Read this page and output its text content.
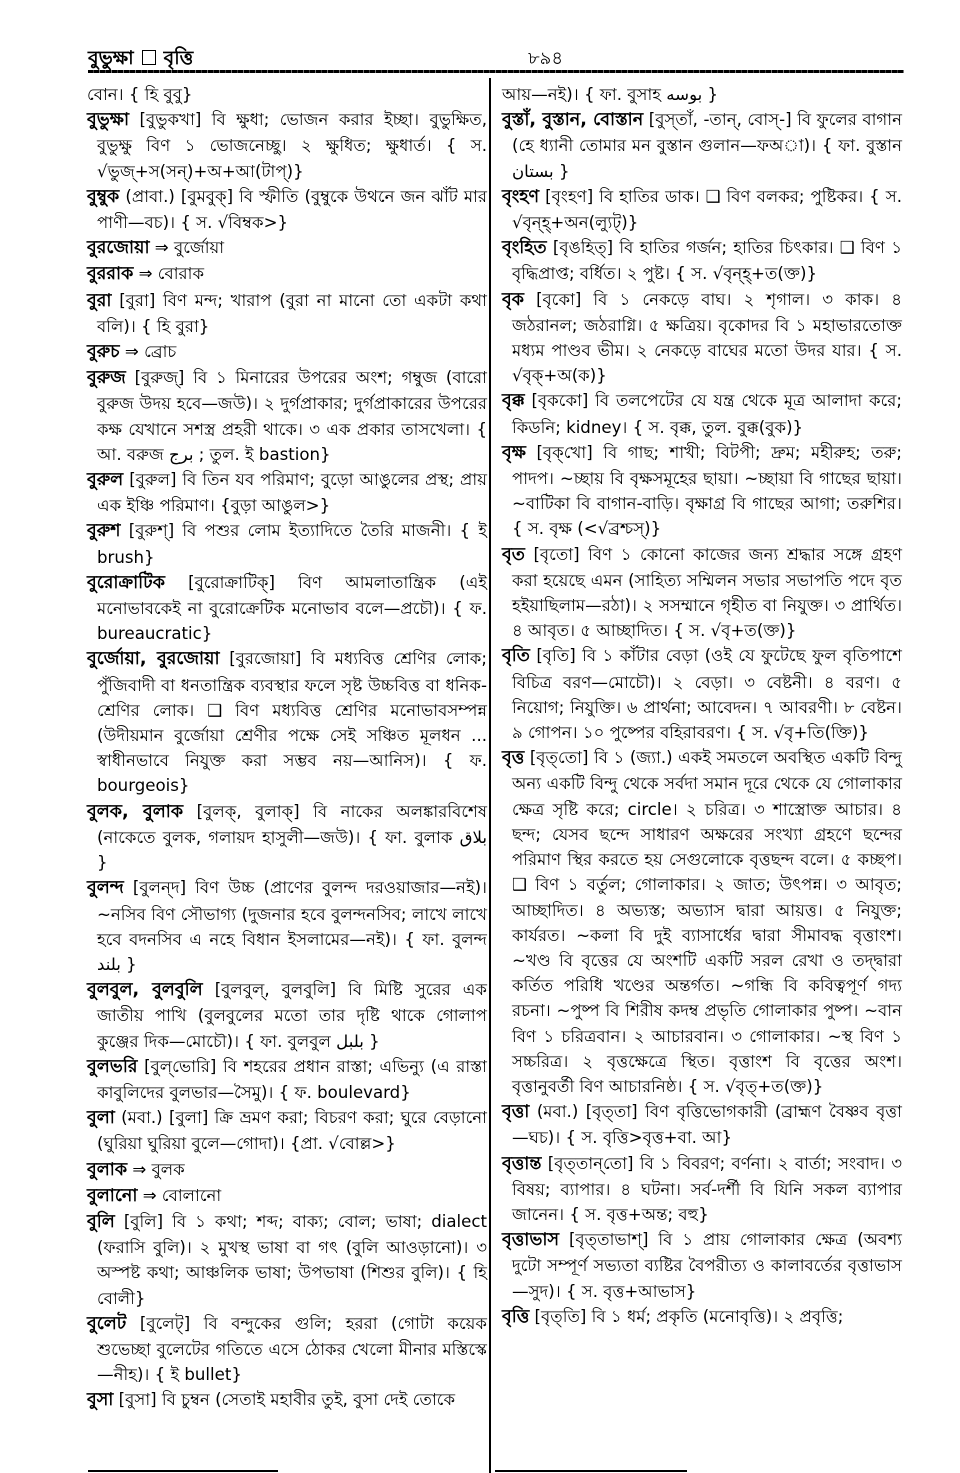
বুভুক্ষা বৃত্তি	৮৯৪

বোন। { হি বুবু}

বুভুক্ষা [বুভুকখা] বি ক্ষুধা; ভোজন করার ইচ্ছা। বুভুক্ষিত, বুভুক্ষু বিণ ১ ভোজনেচ্ছু। ২ ক্ষুধিত; ক্ষুধার্ত। { স. √ভুজ্‌+স(সন্‌)+অ+আ(টাপ্‌)}

বুম্বুক (প্রাবা.) [বুমবুক্‌] বি স্ফীতি (বুম্বুকে উথনে জন ঝাঁট মার পাণী—বচ)। { স. √বিম্বক>}

বুরজোয়া ⇒ বুর্জোয়া

বুররাক ⇒ বোরাক

বুরা [বুরা] বিণ মন্দ; খারাপ (বুরা না মানো তো একটা কথা বলি)। { হি বুরা}

বুরুচ ⇒ ব্রোচ

বুরুজ [বুরুজ্‌] বি ১ মিনারের উপরের অংশ; গম্বুজ (বারো বুরুজ উদয় হবে—জউ)। ২ দুর্গপ্রাকার; দুর্গপ্রাকারের উপরের কক্ষ যেখানে সশস্ত্র প্রহরী থাকে। ৩ এক প্রকার তাসখেলা। { আ. বরুজ برج ; তুল. ই bastion}

বুরুল [বুরুল] বি তিন যব পরিমাণ; বুড়ো আঙুলের প্রস্থ; প্রায় এক ইঞ্চি পরিমাণ। {বুড়া আঙুল>}

বুরুশ [বুরুশ্‌] বি পশুর লোম ইত্যাদিতে তৈরি মাজনী। { ই brush}

বুরোক্রাটিক [বুরোক্রাটিক্‌] বিণ আমলাতান্ত্রিক (এই মনোভাবকেই না বুরোক্রেটিক মনোভাব বলে—প্রচৌ)। { ফ. bureaucratic}

বুর্জোয়া, বুরজোয়া [বুরজোয়া] বি মধ্যবিত্ত শ্রেণির লোক; পুঁজিবাদী বা ধনতান্ত্রিক ব্যবস্থার ফলে সৃষ্ট উচ্চবিত্ত বা ধনিক-শ্রেণির লোক। ❑ বিণ মধ্যবিত্ত শ্রেণির মনোভাবসম্পন্ন (উদীয়মান বুর্জোয়া শ্রেণীর পক্ষে সেই সঞ্চিত মূলধন ... স্বাধীনভাবে নিযুক্ত করা সম্ভব নয়—আনিস)। { ফ. bourgeois}

বুলক, বুলাক [বুলক্‌, বুলাক্‌] বি নাকের অলঙ্কারবিশেষ (নাকেতে বুলক, গলায়দ হাসুলী—জউ)। { ফা. বুলাক بلاق }

বুলন্দ [বুলন্‌দ] বিণ উচ্চ (প্রাণের বুলন্দ দরওয়াজার—নই)। ~নসিব বিণ সৌভাগ্য (দুজনার হবে বুলন্দনসিব; লাখে লাখে হবে বদনসিব এ নহে বিধান ইসলামের—নই)। { ফা. বুলন্দ بلند }

বুলবুল, বুলবুলি [বুলবুল্‌, বুলবুলি] বি মিষ্টি সুরের এক জাতীয় পাখি (বুলবুলের মতো তার দৃষ্টি থাকে গোলাপ কুঞ্জের দিক—মোচৌ)। { ফা. বুলবুল بلبل }

বুলভরি [বুল্‌ভোরি] বি শহরের প্রধান রাস্তা; এভিন্যু (এ রাস্তা কাবুলিদের বুলভার—সৈমু)। { ফ. boulevard}

বুলা (মবা.) [বুলা] ক্রি ভ্রমণ করা; বিচরণ করা; ঘুরে বেড়ানো (ঘুরিয়া ঘুরিয়া বুলে—গোদা)। {প্রা. √বোল্ল>}

বুলাক ⇒ বুলক

বুলানো ⇒ বোলানো

বুলি [বুলি] বি ১ কথা; শব্দ; বাক্য; বোল; ভাষা; dialect (ফরাসি বুলি)। ২ মুখস্থ ভাষা বা গৎ (বুলি আওড়ানো)। ৩ অস্পষ্ট কথা; আঞ্চলিক ভাষা; উপভাষা (শিশুর বুলি)। { হি বোলী}

বুলেট [বুলেট্‌] বি বন্দুকের গুলি; হররা (গোটা কয়েক শুভেচ্ছা বুলেটের গতিতে এসে ঠোকর খেলো মীনার মস্তিস্কে—নীহ)। { ই bullet}

বুসা [বুসা] বি চুম্বন (সেতাই মহাবীর তুই, বুসা দেই তোকে

আয়—নই)। { ফা. বুসাহ بوسه }

বুস্তাঁ, বুস্তান, বোস্তান [বুস্‌তাঁ, -তান্‌, বোস্‌-] বি ফুলের বাগান (হে ধ্যানী তোমার মন বুস্তান গুলান—ফঅা)। { ফা. বুস্তান بستان }

বৃংহণ [বৃংহণ] বি হাতির ডাক। ❑ বিণ বলকর; পুষ্টিকর। { স. √বৃন্‌হ্‌+অন(ল্যুট্‌)}

বৃংহিত [বৃঙহিত্‌] বি হাতির গর্জন; হাতির চিৎকার। ❑ বিণ ১ বৃদ্ধিপ্রাপ্ত; বর্ধিত। ২ পুষ্ট। { স. √বৃন্‌হ্‌+ত(ক্ত)}

বৃক [বৃকো] বি ১ নেকড়ে বাঘ। ২ শৃগাল। ৩ কাক। ৪ জঠরানল; জঠরাগ্নি। ৫ ক্ষত্রিয়। বৃকোদর বি ১ মহাভারতোক্ত মধ্যম পাণ্ডব ভীম। ২ নেকড়ে বাঘের মতো উদর যার। { স. √বৃক্‌+অ(ক)}

বৃক্ক [বৃককো] বি তলপেটের যে যন্ত্র থেকে মূত্র আলাদা করে; কিডনি; kidney। { স. বৃক্ক, তুল. বুক্ক(বুক)}

বৃক্ষ [বৃক্‌খো] বি গাছ; শাখী; বিটপী; দ্রুম; মহীরুহ; তরু; পাদপ। ~চ্ছায় বি বৃক্ষসমূহের ছায়া। ~চ্ছায়া বি গাছের ছায়া। ~বাটিকা বি বাগান-বাড়ি। বৃক্ষাগ্র বি গাছের আগা; তরুশির। { স. বৃক্ষ (<√ব্রশ্চস্‌)}

বৃত [বৃতো] বিণ ১ কোনো কাজের জন্য শ্রদ্ধার সঙ্গে গ্রহণ করা হয়েছে এমন (সাহিত্য সম্মিলন সভার সভাপতি পদে বৃত হইয়াছিলাম—রঠা)। ২ সসম্মানে গৃহীত বা নিযুক্ত। ৩ প্রার্থিত। ৪ আবৃত। ৫ আচ্ছাদিত। { স. √বৃ+ত(ক্ত)}

বৃতি [বৃতি] বি ১ কাঁটার বেড়া (ওই যে ফুটেছে ফুল বৃতিপাশে বিচিত্র বরণ—মোচৌ)। ২ বেড়া। ৩ বেষ্টনী। ৪ বরণ। ৫ নিয়োগ; নিযুক্তি। ৬ প্রার্থনা; আবেদন। ৭ আবরণী। ৮ বেষ্টন। ৯ গোপন। ১০ পুষ্পের বহিরাবরণ। { স. √বৃ+তি(ক্তি)}

বৃত্ত [বৃত্‌তো] বি ১ (জ্যা.) একই সমতলে অবস্থিত একটি বিন্দু অন্য একটি বিন্দু থেকে সর্বদা সমান দূরে থেকে যে গোলাকার ক্ষেত্র সৃষ্টি করে; circle। ২ চরিত্র। ৩ শাস্ত্রোক্ত আচার। ৪ ছন্দ; যেসব ছন্দে সাধারণ অক্ষরের সংখ্যা গ্রহণে ছন্দের পরিমাণ স্থির করতে হয় সেগুলোকে বৃত্তছন্দ বলে। ৫ কচ্ছপ। ❑ বিণ ১ বর্তুল; গোলাকার। ২ জাত; উৎপন্ন। ৩ আবৃত; আচ্ছাদিত। ৪ অভ্যস্ত; অভ্যাস দ্বারা আয়ত্ত। ৫ নিযুক্ত; কার্যরত। ~কলা বি দুই ব্যাসার্ধের দ্বারা সীমাবদ্ধ বৃত্তাংশ। ~খণ্ড বি বৃত্তের যে অংশটি একটি সরল রেখা ও তদ্দ্বারা কর্তিত পরিধি খণ্ডের অন্তর্গত। ~গন্ধি বি কবিত্বপূর্ণ গদ্য রচনা। ~পুষ্প বি শিরীষ কদম্ব প্রভৃতি গোলাকার পুষ্প। ~বান বিণ ১ চরিত্রবান। ২ আচারবান। ৩ গোলাকার। ~স্থ বিণ ১ সচ্চরিত্র। ২ বৃত্তক্ষেত্রে স্থিত। বৃত্তাংশ বি বৃত্তের অংশ। বৃত্তানুবর্তী বিণ আচারনিষ্ঠ। { স. √বৃত্‌+ত(ক্ত)}

বৃত্তা (মবা.) [বৃত্‌তা] বিণ বৃত্তিভোগকারী (ব্রাহ্মণ বৈষ্ণব বৃত্তা—ঘচ)। { স. বৃত্তি>বৃত্ত+বা. আ}

বৃত্তান্ত [বৃত্‌তান্‌তো] বি ১ বিবরণ; বর্ণনা। ২ বার্তা; সংবাদ। ৩ বিষয়; ব্যাপার। ৪ ঘটনা। সর্ব-দর্শী বি যিনি সকল ব্যাপার জানেন। { স. বৃত্ত+অন্ত; বহু}

বৃত্তাভাস [বৃত্‌তাভাশ্‌] বি ১ প্রায় গোলাকার ক্ষেত্র (অবশ্য দুটো সম্পূর্ণ সভ্যতা ব্যষ্টির বৈপরীত্য ও কালাবর্তের বৃত্তাভাস—সুদ)। { স. বৃত্ত+আভাস}

বৃত্তি [বৃত্‌তি] বি ১ ধর্ম; প্রকৃতি (মনোবৃত্তি)। ২ প্রবৃত্তি;
